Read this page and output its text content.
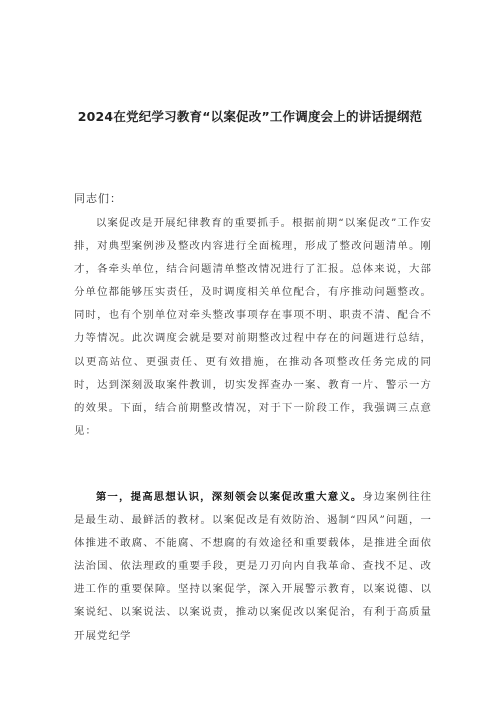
2024在党纪学习教育“以案促改”工作调度会上的讲话提纲范
同志们：

以案促改是开展纪律教育的重要抓手。根据前期“以案促改”工作安排，对典型案例涉及整改内容进行全面梳理，形成了整改问题清单。刚才，各牵头单位，结合问题清单整改情况进行了汇报。总体来说，大部分单位都能够压实责任，及时调度相关单位配合，有序推动问题整改。同时，也有个别单位对牵头整改事项存在事项不明、职责不清、配合不力等情况。此次调度会就是要对前期整改过程中存在的问题进行总结，以更高站位、更强责任、更有效措施，在推动各项整改任务完成的同时，达到深刻汲取案件教训，切实发挥查办一案、教育一片、警示一方的效果。下面，结合前期整改情况，对于下一阶段工作，我强调三点意见：

第一，提高思想认识，深刻领会以案促改重大意义。身边案例往往是最生动、最鲜活的教材。以案促改是有效防治、遏制“四风”问题，一体推进不敢腐、不能腐、不想腐的有效途径和重要载体，是推进全面依法治国、依法理政的重要手段，更是刀刃向内自我革命、查找不足、改进工作的重要保障。坚持以案促学，深入开展警示教育，以案说德、以案说纪、以案说法、以案说责，推动以案促改以案促治，有利于高质量开展党纪学
